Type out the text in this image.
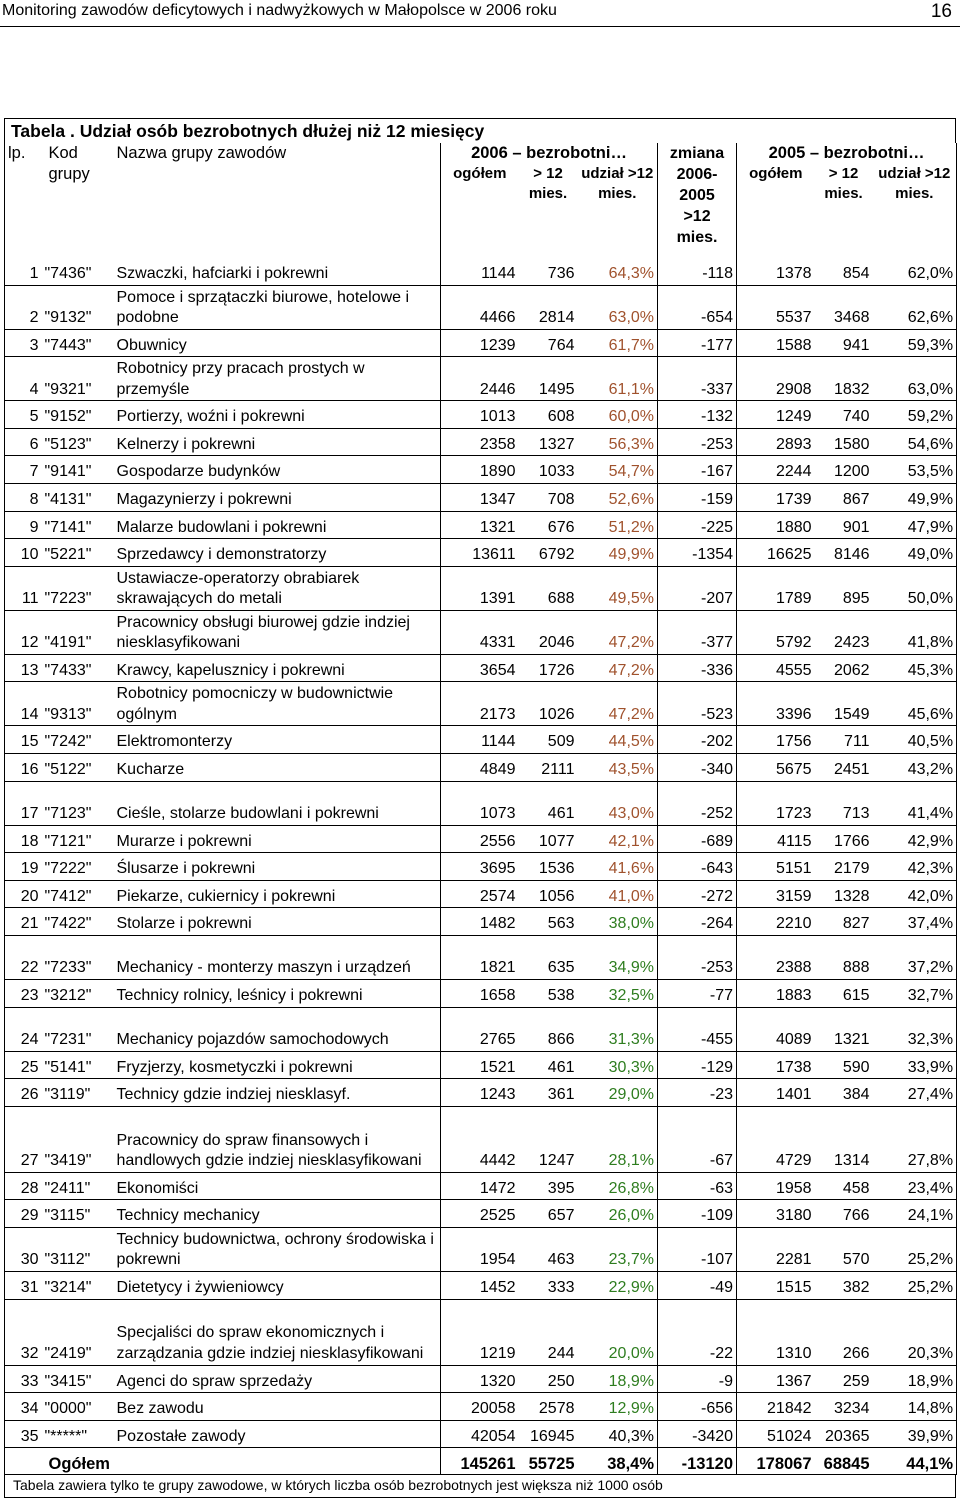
Monitoring zawodów deficytowych i nadwyżkowych w Małopolsce w 2006 roku	16
Tabela . Udział osób bezrobotnych dłużej niż 12 miesięcy
lp.	Kod grupy	Nazwa grupy zawodów	2006 – bezrobotni…			zmiana 2006-2005 >12 mies.	2005 – bezrobotni…		
			ogółem	> 12 mies.	udział >12 mies.		ogółem	> 12 mies.	udział >12 mies.
1	"7436"	Szwaczki, hafciarki i pokrewni	1144	736	64,3%	-118	1378	854	62,0%
2	"9132"	Pomoce i sprzątaczki biurowe, hotelowe i podobne	4466	2814	63,0%	-654	5537	3468	62,6%
3	"7443"	Obuwnicy	1239	764	61,7%	-177	1588	941	59,3%
4	"9321"	Robotnicy przy pracach prostych w przemyśle	2446	1495	61,1%	-337	2908	1832	63,0%
5	"9152"	Portierzy, woźni i pokrewni	1013	608	60,0%	-132	1249	740	59,2%
6	"5123"	Kelnerzy i pokrewni	2358	1327	56,3%	-253	2893	1580	54,6%
7	"9141"	Gospodarze budynków	1890	1033	54,7%	-167	2244	1200	53,5%
8	"4131"	Magazynierzy i pokrewni	1347	708	52,6%	-159	1739	867	49,9%
9	"7141"	Malarze budowlani i pokrewni	1321	676	51,2%	-225	1880	901	47,9%
10	"5221"	Sprzedawcy i demonstratorzy	13611	6792	49,9%	-1354	16625	8146	49,0%
11	"7223"	Ustawiacze-operatorzy obrabiarek skrawających do metali	1391	688	49,5%	-207	1789	895	50,0%
12	"4191"	Pracownicy obsługi biurowej gdzie indziej niesklasyfikowani	4331	2046	47,2%	-377	5792	2423	41,8%
13	"7433"	Krawcy, kapelusznicy i pokrewni	3654	1726	47,2%	-336	4555	2062	45,3%
14	"9313"	Robotnicy pomocniczy w budownictwie ogólnym	2173	1026	47,2%	-523	3396	1549	45,6%
15	"7242"	Elektromonterzy	1144	509	44,5%	-202	1756	711	40,5%
16	"5122"	Kucharze	4849	2111	43,5%	-340	5675	2451	43,2%
17	"7123"	Cieśle, stolarze budowlani i pokrewni	1073	461	43,0%	-252	1723	713	41,4%
18	"7121"	Murarze i pokrewni	2556	1077	42,1%	-689	4115	1766	42,9%
19	"7222"	Ślusarze i pokrewni	3695	1536	41,6%	-643	5151	2179	42,3%
20	"7412"	Piekarze, cukiernicy i pokrewni	2574	1056	41,0%	-272	3159	1328	42,0%
21	"7422"	Stolarze i pokrewni	1482	563	38,0%	-264	2210	827	37,4%
22	"7233"	Mechanicy - monterzy maszyn i urządzeń	1821	635	34,9%	-253	2388	888	37,2%
23	"3212"	Technicy rolnicy, leśnicy i pokrewni	1658	538	32,5%	-77	1883	615	32,7%
24	"7231"	Mechanicy pojazdów samochodowych	2765	866	31,3%	-455	4089	1321	32,3%
25	"5141"	Fryzjerzy, kosmetyczki i pokrewni	1521	461	30,3%	-129	1738	590	33,9%
26	"3119"	Technicy gdzie indziej niesklasyf.	1243	361	29,0%	-23	1401	384	27,4%
27	"3419"	Pracownicy do spraw finansowych i handlowych gdzie indziej niesklasyfikowani	4442	1247	28,1%	-67	4729	1314	27,8%
28	"2411"	Ekonomiści	1472	395	26,8%	-63	1958	458	23,4%
29	"3115"	Technicy mechanicy	2525	657	26,0%	-109	3180	766	24,1%
30	"3112"	Technicy budownictwa, ochrony środowiska i pokrewni	1954	463	23,7%	-107	2281	570	25,2%
31	"3214"	Dietetycy i żywieniowcy	1452	333	22,9%	-49	1515	382	25,2%
32	"2419"	Specjaliści do spraw ekonomicznych i zarządzania gdzie indziej niesklasyfikowani	1219	244	20,0%	-22	1310	266	20,3%
33	"3415"	Agenci do spraw sprzedaży	1320	250	18,9%	-9	1367	259	18,9%
34	"0000"	Bez zawodu	20058	2578	12,9%	-656	21842	3234	14,8%
35	"*****"	Pozostałe zawody	42054	16945	40,3%	-3420	51024	20365	39,9%
	Ogółem		145261	55725	38,4%	-13120	178067	68845	44,1%
Tabela zawiera tylko te grupy zawodowe, w których liczba osób bezrobotnych jest większa niż 1000 osób
